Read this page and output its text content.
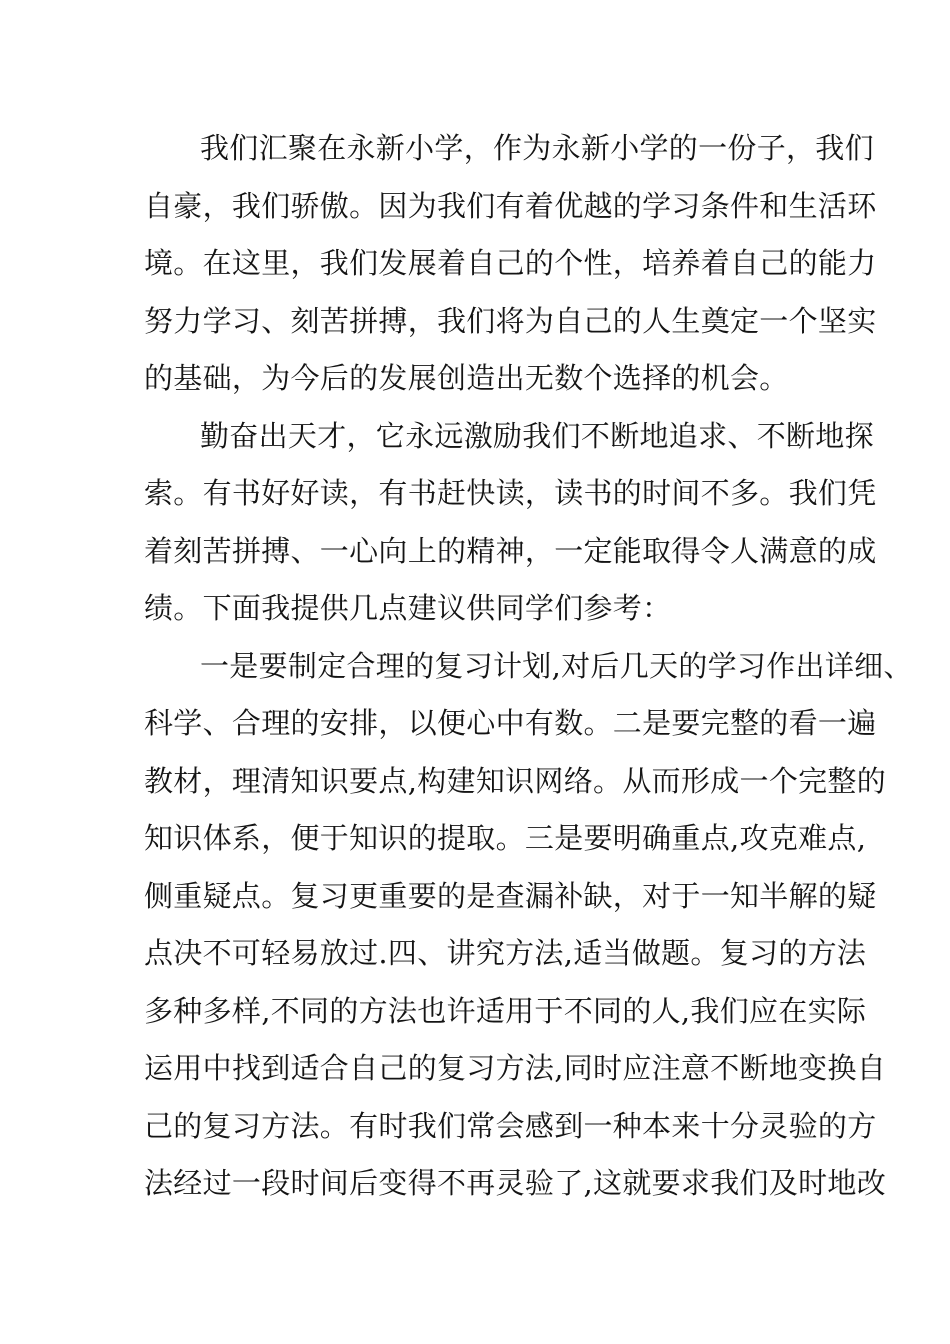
我们汇聚在永新小学，作为永新小学的一份子，我们
自豪，我们骄傲。因为我们有着优越的学习条件和生活环
境。在这里，我们发展着自己的个性，培养着自己的能力
努力学习、刻苦拼搏，我们将为自己的人生奠定一个坚实
的基础，为今后的发展创造出无数个选择的机会。

勤奋出天才，它永远激励我们不断地追求、不断地探
索。有书好好读，有书赶快读，读书的时间不多。我们凭
着刻苦拼搏、一心向上的精神，一定能取得令人满意的成
绩。下面我提供几点建议供同学们参考：

一是要制定合理的复习计划,对后几天的学习作出详细、
科学、合理的安排，以便心中有数。二是要完整的看一遍
教材，理清知识要点,构建知识网络。从而形成一个完整的
知识体系，便于知识的提取。三是要明确重点,攻克难点,
侧重疑点。复习更重要的是查漏补缺，对于一知半解的疑
点决不可轻易放过.四、讲究方法,适当做题。复习的方法
多种多样,不同的方法也许适用于不同的人,我们应在实际
运用中找到适合自己的复习方法,同时应注意不断地变换自
己的复习方法。有时我们常会感到一种本来十分灵验的方
法经过一段时间后变得不再灵验了,这就要求我们及时地改
